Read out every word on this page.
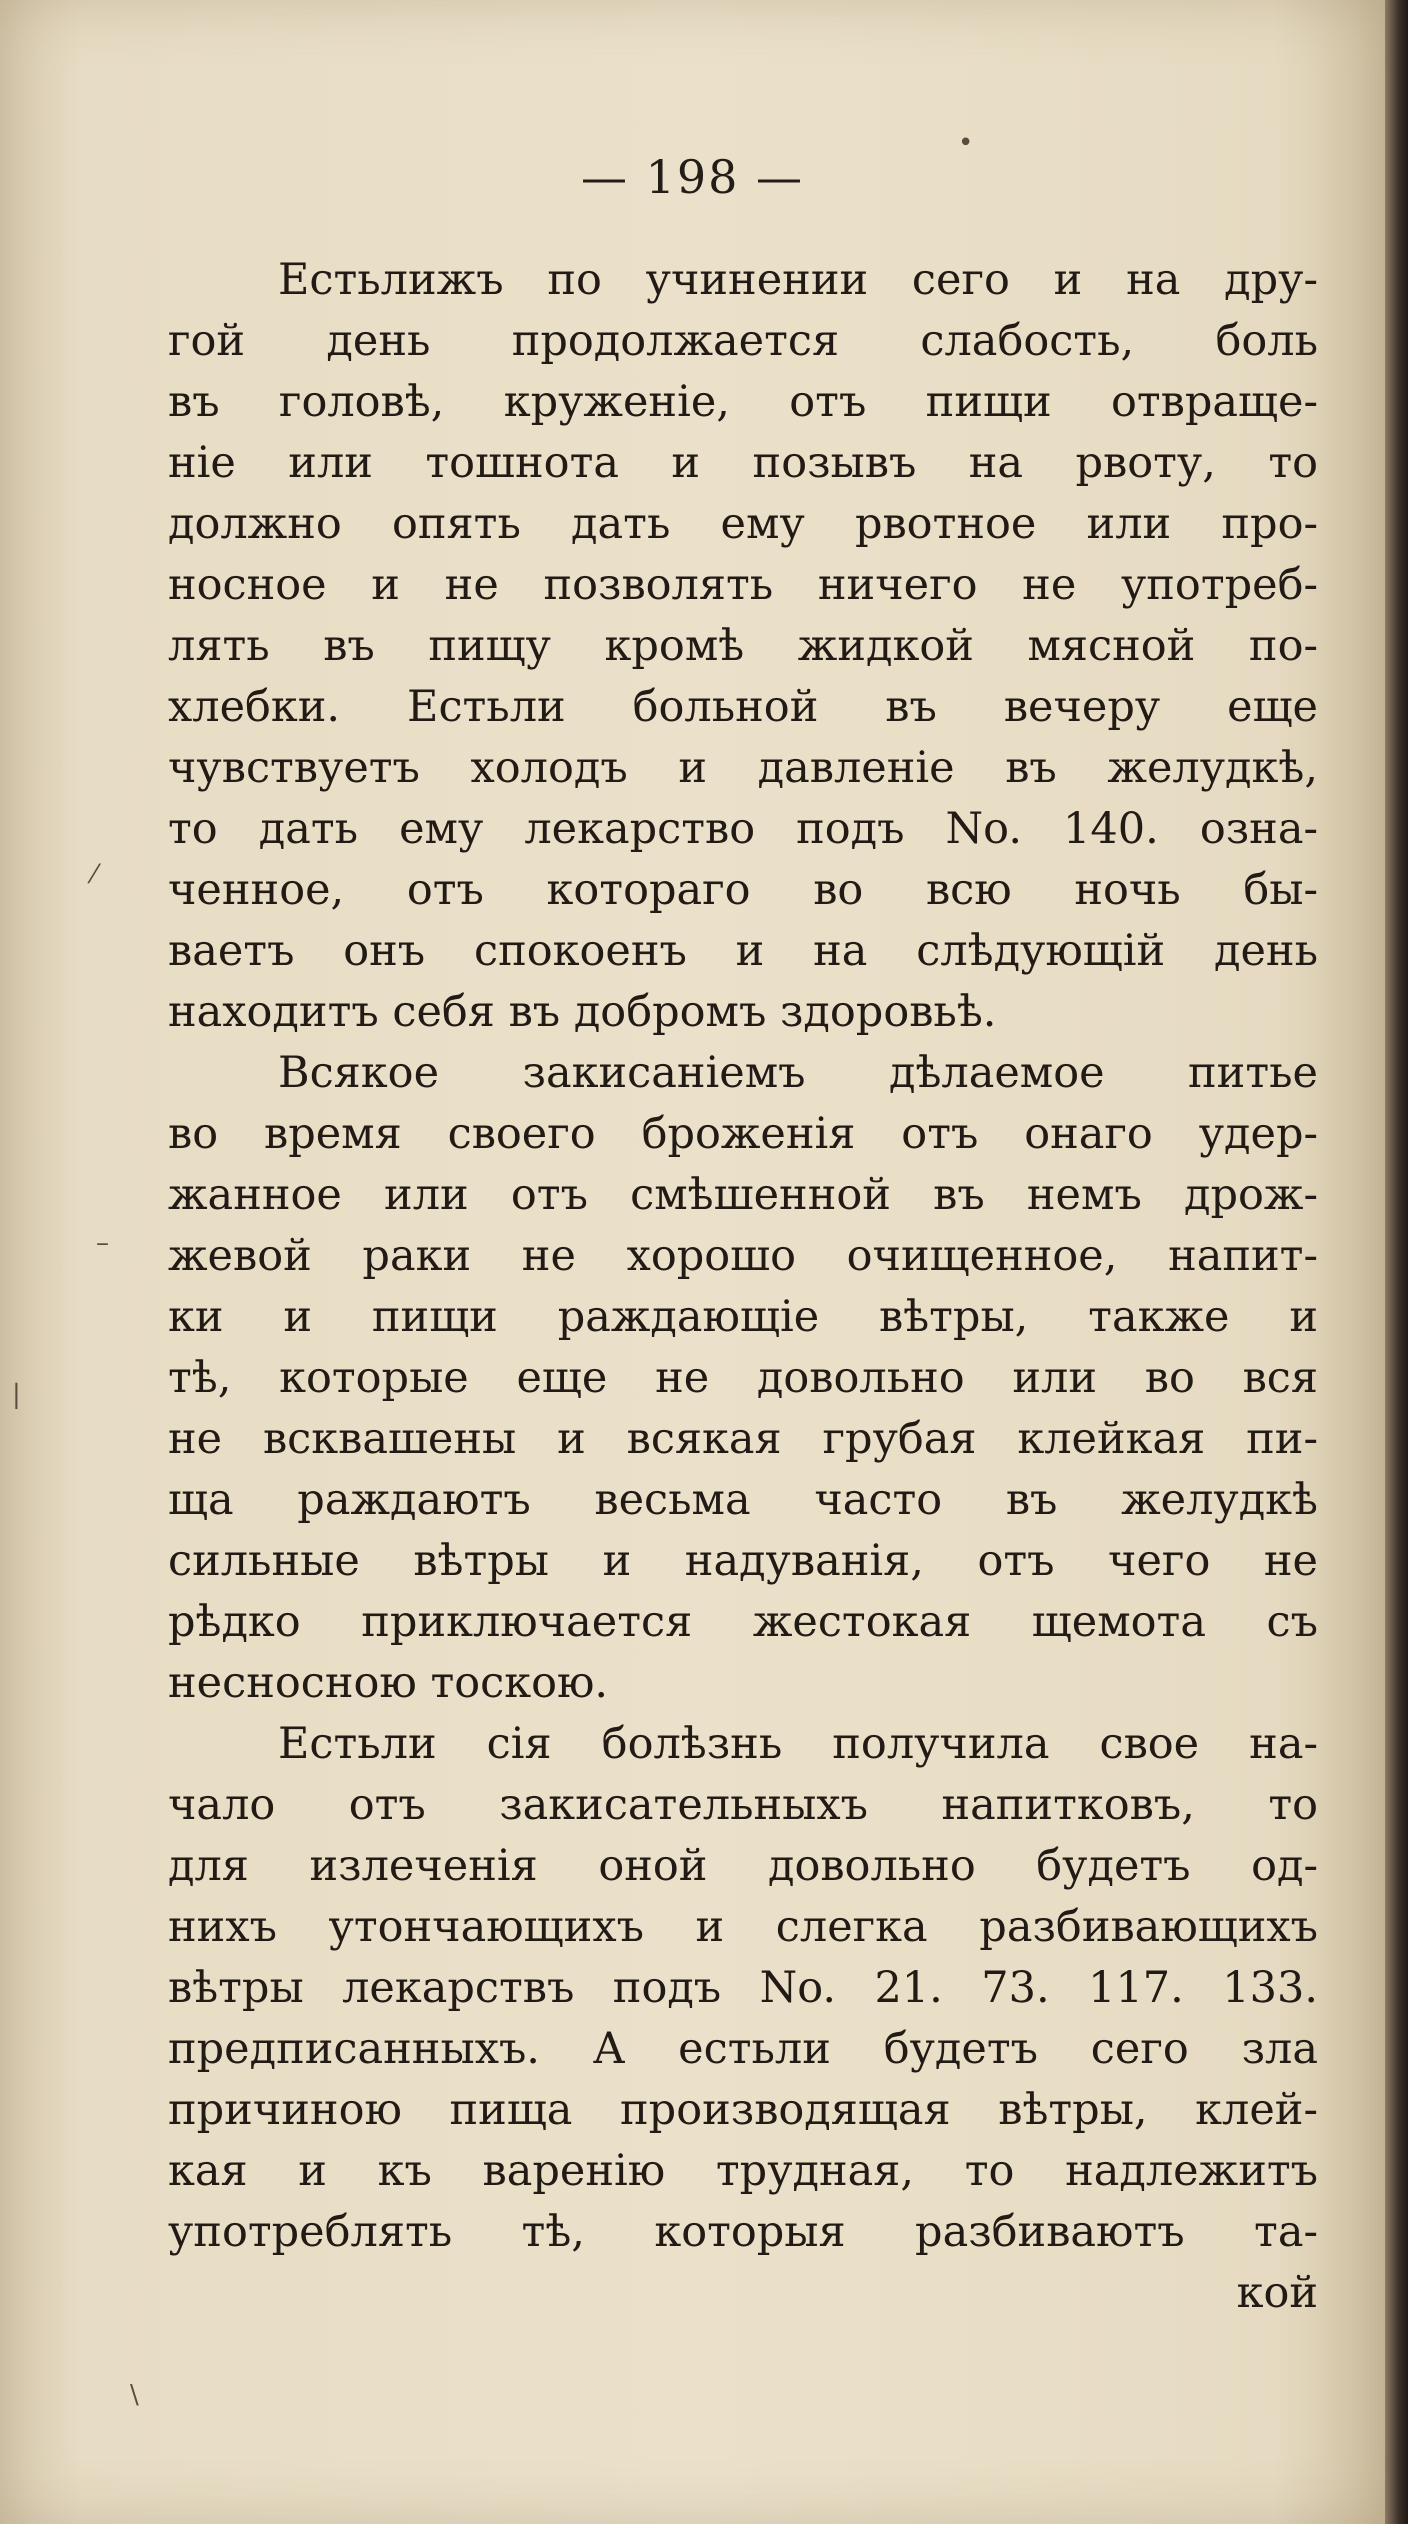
— 198 —
Естьлижъ по учинении сего и на дру-
гой день продолжается слабость, боль
въ головѣ, круженіе, отъ пищи отвраще-
ніе или тошнота и позывъ на рвоту, то
должно опять дать ему рвотное или про-
носное и не позволять ничего не употреб-
лять въ пищу кромѣ жидкой мясной по-
хлебки. Естьли больной въ вечеру еще
чувствуетъ холодъ и давленіе въ желудкѣ,
то дать ему лекарство подъ No. 140. озна-
ченное, отъ котораго во всю ночь бы-
ваетъ онъ спокоенъ и на слѣдующій день
находитъ себя въ добромъ здоровьѣ.
Всякое закисаніемъ дѣлаемое питье
во время своего броженія отъ онаго удер-
жанное или отъ смѣшенной въ немъ дрож-
жевой раки не хорошо очищенное, напит-
ки и пищи раждающіе вѣтры, также и
тѣ, которые еще не довольно или во вся
не всквашены и всякая грубая клейкая пи-
ща раждаютъ весьма часто въ желудкѣ
сильные вѣтры и надуванія, отъ чего не
рѣдко приключается жестокая щемота съ
несносною тоскою.
Естьли сія болѣзнь получила свое на-
чало отъ закисательныхъ напитковъ, то
для излеченія оной довольно будетъ од-
нихъ утончающихъ и слегка разбивающихъ
вѣтры лекарствъ подъ No. 21. 73. 117. 133.
предписанныхъ. А естьли будетъ сего зла
причиною пища производящая вѣтры, клей-
кая и къ варенію трудная, то надлежитъ
употреблять тѣ, которыя разбиваютъ та-
кой
•
⁄
–
|
\
